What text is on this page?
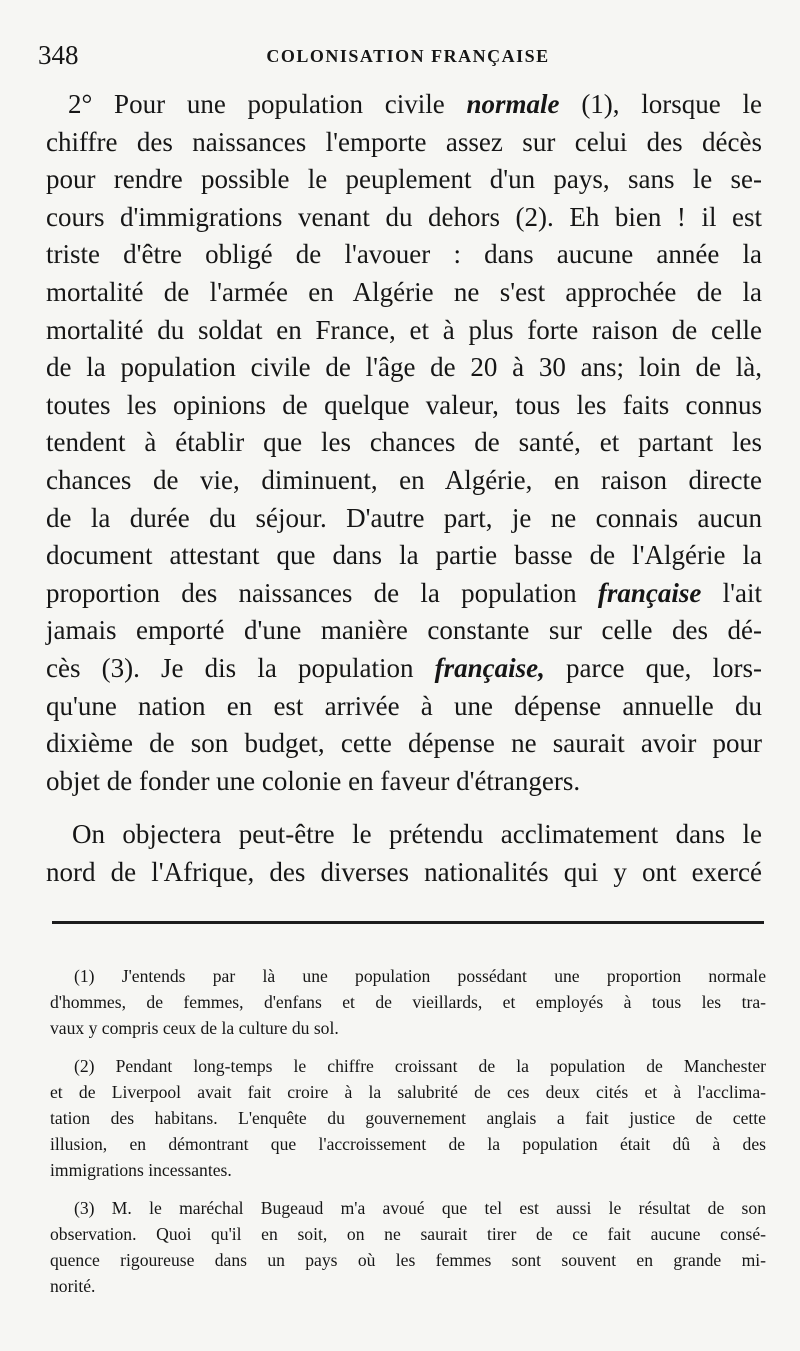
348	COLONISATION FRANÇAISE
2° Pour une population civile normale (1), lorsque le
chiffre des naissances l'emporte assez sur celui des décès
pour rendre possible le peuplement d'un pays, sans le se-
cours d'immigrations venant du dehors (2). Eh bien ! il est
triste d'être obligé de l'avouer : dans aucune année la
mortalité de l'armée en Algérie ne s'est approchée de la
mortalité du soldat en France, et à plus forte raison de celle
de la population civile de l'âge de 20 à 30 ans; loin de là,
toutes les opinions de quelque valeur, tous les faits connus
tendent à établir que les chances de santé, et partant les
chances de vie, diminuent, en Algérie, en raison directe
de la durée du séjour. D'autre part, je ne connais aucun
document attestant que dans la partie basse de l'Algérie la
proportion des naissances de la population française l'ait
jamais emporté d'une manière constante sur celle des dé-
cès (3). Je dis la population française, parce que, lors-
qu'une nation en est arrivée à une dépense annuelle du
dixième de son budget, cette dépense ne saurait avoir pour
objet de fonder une colonie en faveur d'étrangers.
On objectera peut-être le prétendu acclimatement dans le
nord de l'Afrique, des diverses nationalités qui y ont exercé
(1) J'entends par là une population possédant une proportion normale
d'hommes, de femmes, d'enfans et de vieillards, et employés à tous les tra-
vaux y compris ceux de la culture du sol.
(2) Pendant long-temps le chiffre croissant de la population de Manchester
et de Liverpool avait fait croire à la salubrité de ces deux cités et à l'acclima-
tation des habitans. L'enquête du gouvernement anglais a fait justice de cette
illusion, en démontrant que l'accroissement de la population était dû à des
immigrations incessantes.
(3) M. le maréchal Bugeaud m'a avoué que tel est aussi le résultat de son
observation. Quoi qu'il en soit, on ne saurait tirer de ce fait aucune consé-
quence rigoureuse dans un pays où les femmes sont souvent en grande mi-
norité.
